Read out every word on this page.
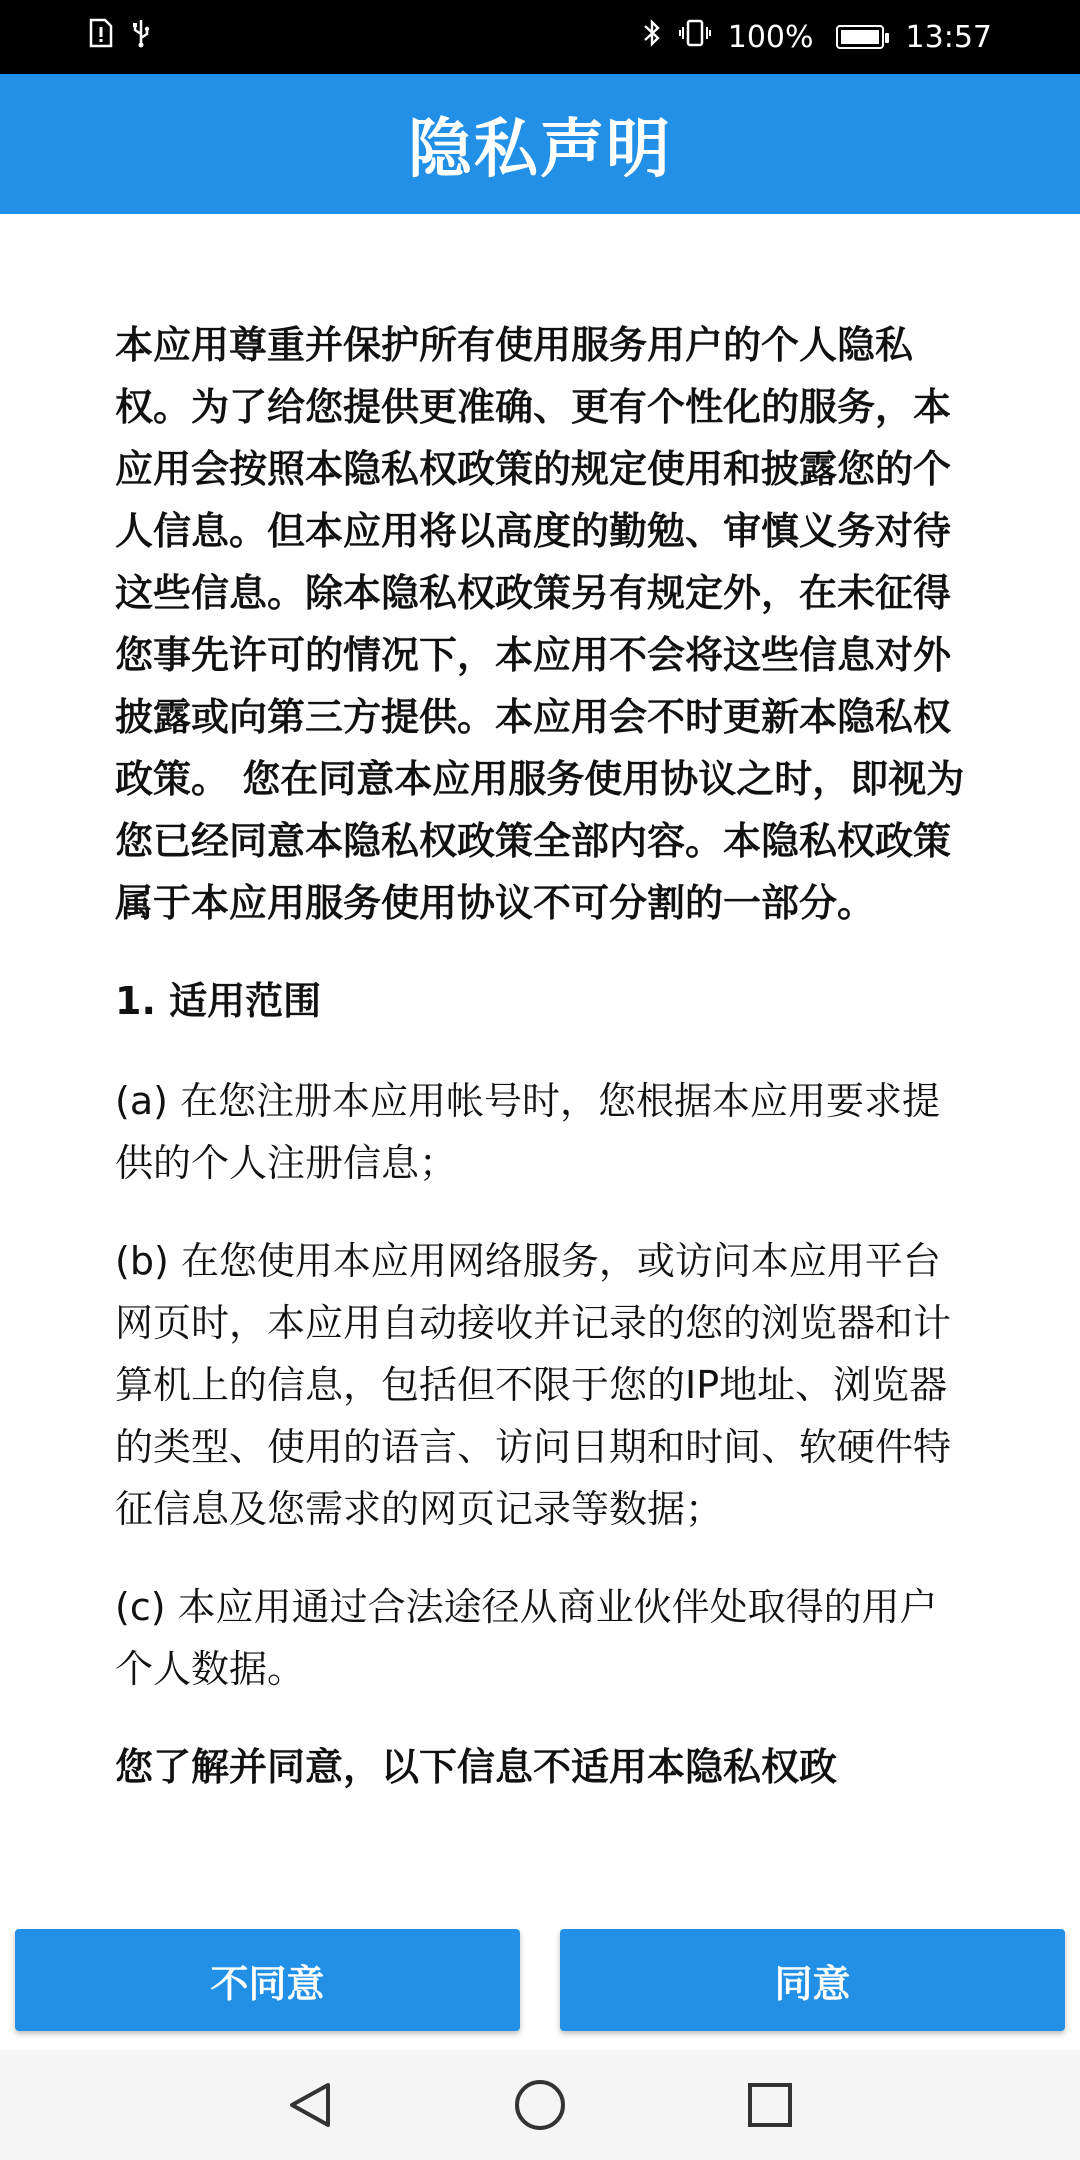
100%	13:57
隐私声明

本应用尊重并保护所有使用服务用户的个人隐私权。为了给您提供更准确、更有个性化的服务，本应用会按照本隐私权政策的规定使用和披露您的个人信息。但本应用将以高度的勤勉、审慎义务对待这些信息。除本隐私权政策另有规定外，在未征得您事先许可的情况下，本应用不会将这些信息对外披露或向第三方提供。本应用会不时更新本隐私权政策。 您在同意本应用服务使用协议之时，即视为您已经同意本隐私权政策全部内容。本隐私权政策属于本应用服务使用协议不可分割的一部分。

1. 适用范围

(a) 在您注册本应用帐号时，您根据本应用要求提供的个人注册信息；

(b) 在您使用本应用网络服务，或访问本应用平台网页时，本应用自动接收并记录的您的浏览器和计算机上的信息，包括但不限于您的IP地址、浏览器的类型、使用的语言、访问日期和时间、软硬件特征信息及您需求的网页记录等数据；

(c) 本应用通过合法途径从商业伙伴处取得的用户个人数据。

您了解并同意，以下信息不适用本隐私权政

不同意	同意
